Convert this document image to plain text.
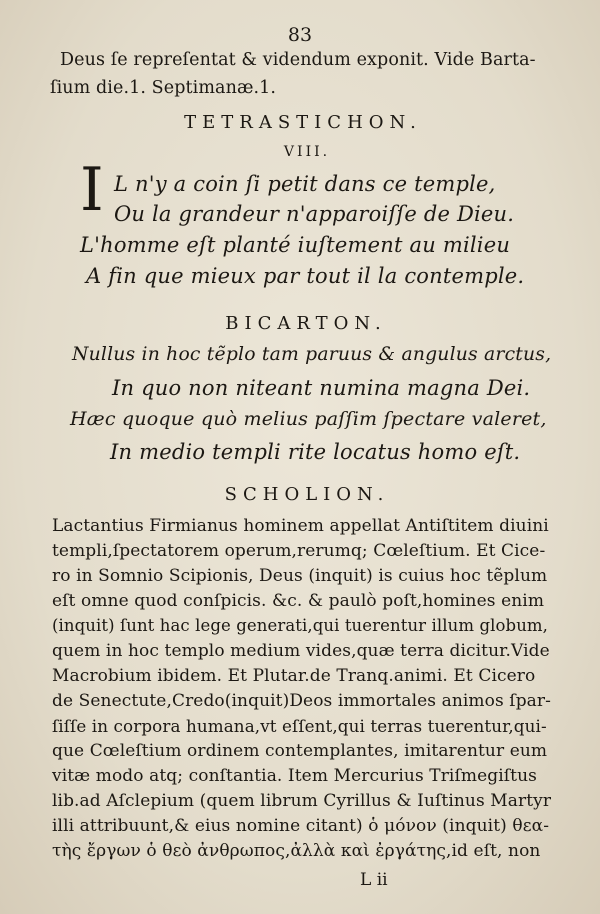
83
Deus ſe repreſentat & videndum exponit. Vide Barta-
ſium die.1. Septimanæ.1.
TETRASTICHON.
VIII.
I L n'y a coin ſi petit dans ce temple,
Ou la grandeur n'apparoiſſe de Dieu.
L'homme eſt planté iuſtement au milieu
A fin que mieux par tout il la contemple.
BICARTON.
Nullus in hoc tẽplo tam paruus & angulus arctus,
In quo non niteant numina magna Dei.
Hæc quoque quò melius paſſim ſpectare valeret,
In medio templi rite locatus homo eſt.
SCHOLION.
Lactantius Firmianus hominem appellat Antiſtitem diuini
templi,ſpectatorem operum,rerumq; Cœleſtium. Et Cice-
ro in Somnio Scipionis, Deus (inquit) is cuius hoc tẽplum
eſt omne quod conſpicis. &c. & paulò poſt,homines enim
(inquit) ſunt hac lege generati,qui tuerentur illum globum,
quem in hoc templo medium vides,quæ terra dicitur.Vide
Macrobium ibidem. Et Plutar.de Tranq.animi. Et Cicero
de Senectute,Credo(inquit)Deos immortales animos ſpar-
ſiſſe in corpora humana,vt eſſent,qui terras tuerentur,qui-
que Cœleſtium ordinem contemplantes, imitarentur eum
vitæ modo atq; conſtantia. Item Mercurius Triſmegiſtus
lib.ad Aſclepium (quem librum Cyrillus & Iuſtinus Martyr
illi attribuunt,& eius nomine citant) ὁ μόνον (inquit) θεα-
τὴς ἔργων ὁ θεὸ ἀνθρωπος,ἀλλὰ καὶ ἐργάτης,id eſt, non
L ii
